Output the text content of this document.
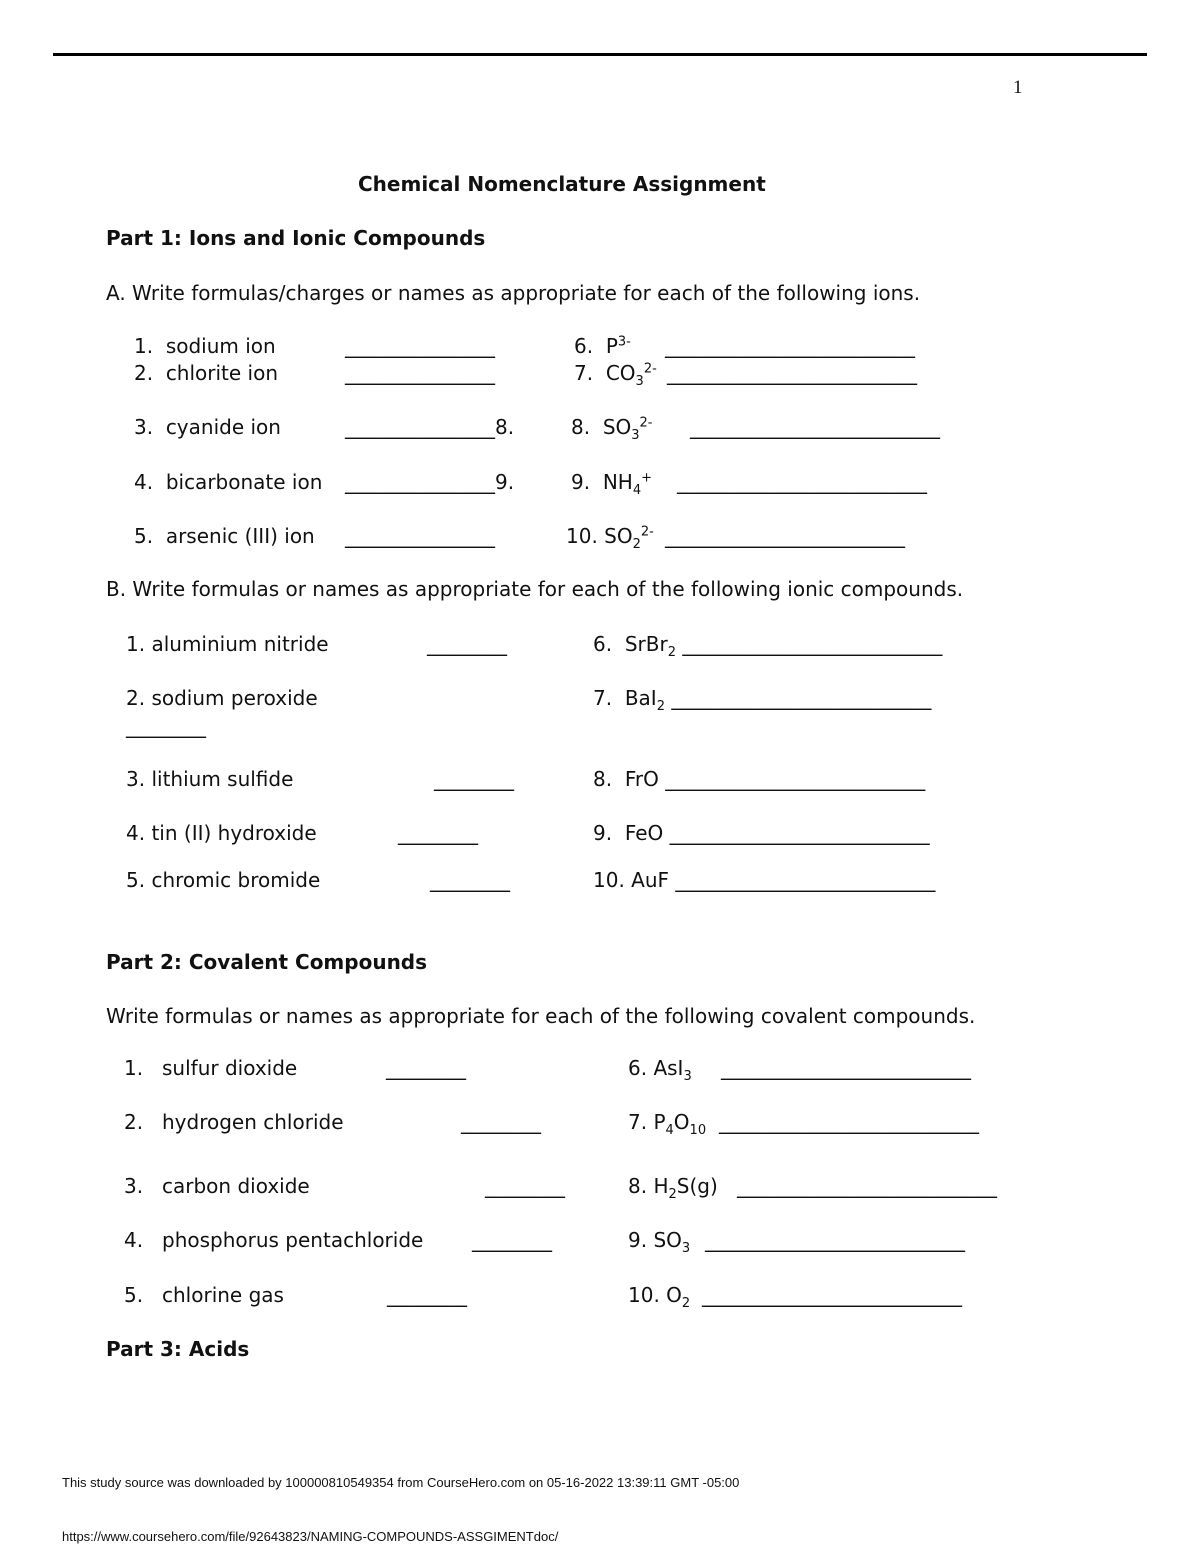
1
Chemical Nomenclature Assignment
Part 1: Ions and Ionic Compounds
A. Write formulas/charges or names as appropriate for each of the following ions.
1. sodium ion	_______________
2. chlorite ion	_______________
3. cyanide ion	_______________8.
4. bicarbonate ion _______________9.
5. arsenic (III) ion _______________
6. $P^{3-}$ _________________________
7. $CO_3^{2-}$ _________________________
8. $SO_3^{2-}$ _________________________
9. $NH_4^+$ _________________________
10. $SO_2^{2-}$ ________________________
B. Write formulas or names as appropriate for each of the following ionic compounds.
1. aluminium nitride	________
2. sodium peroxide
________
3. lithium sulfide	________
4. tin (II) hydroxide	________
5. chromic bromide	________
6. SrBr$_2$ __________________________
7. BaI$_2$ __________________________
8. FrO __________________________
9.  FeO __________________________
10. AuF __________________________
Part 2: Covalent Compounds
Write formulas or names as appropriate for each of the following covalent compounds.
1. sulfur dioxide	________
2. hydrogen chloride	________
3. carbon dioxide	________
4. phosphorus pentachloride ________
5. chlorine gas	________
6. AsI$_3$ _________________________
7. $P_4O_{10}$ __________________________
8. $H_2S(g)$ __________________________
9. $SO_3$ __________________________
10. $O_2$ __________________________
Part 3: Acids
This study source was downloaded by 100000810549354 from CourseHero.com on 05-16-2022 13:39:11 GMT -05:00
https://www.coursehero.com/file/92643823/NAMING-COMPOUNDS-ASSGIMENTdoc/
